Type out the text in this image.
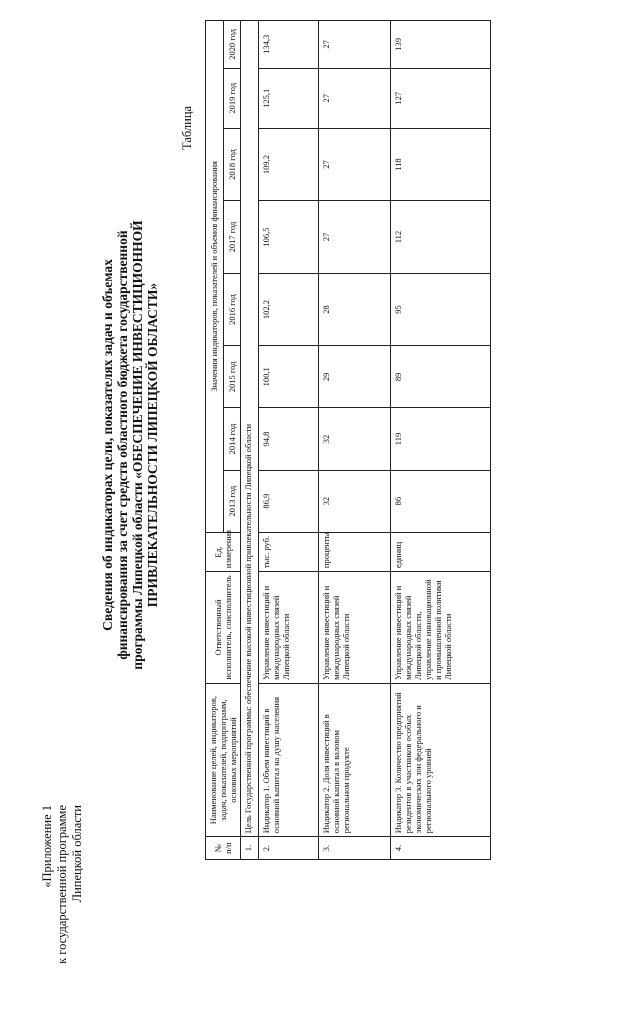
«Приложение 1 к государственной программе Липецкой области
Таблица
Сведения об индикаторах цели, показателях задач и объемах финансирования за счет средств областного бюджета государственной программы Липецкой области «ОБЕСПЕЧЕНИЕ ИНВЕСТИЦИОННОЙ ПРИВЛЕКАТЕЛЬНОСТИ ЛИПЕЦКОЙ ОБЛАСТИ»
№ п/п	Наименование целей, индикаторов, задач, показателей, подпрограмм, основных мероприятий	Ответственный исполнитель, соисполнитель	Ед. измерения	Значения индикаторов, показателей и объемов финансирования							
				2013 год	2014 год	2015 год	2016 год	2017 год	2018 год	2019 год	2020 год
1.	Цель Государственной программы: обеспечение высокой инвестиционной привлекательности Липецкой области										
2.	Индикатор 1. Объем инвестиций в основной капитал на душу населения	Управление инвестиций и международных связей Липецкой области	тыс. руб.	86,9	94,8	100,1	102,2	106,5	109,2	125,1	134,3
3.	Индикатор 2. Доля инвестиций в основной капитал в валовом региональном продукте	Управление инвестиций и международных связей Липецкой области	проценты	32	32	29	28	27	27	27	27
4.	Индикатор 3. Количество предприятий резидентов в участников особых экономических зон федерального и регионального уровней	Управление инвестиций и международных связей Липецкой области, управление инновационной и промышленной политики Липецкой области	единиц	86	119	89	95	112	118	127	139
